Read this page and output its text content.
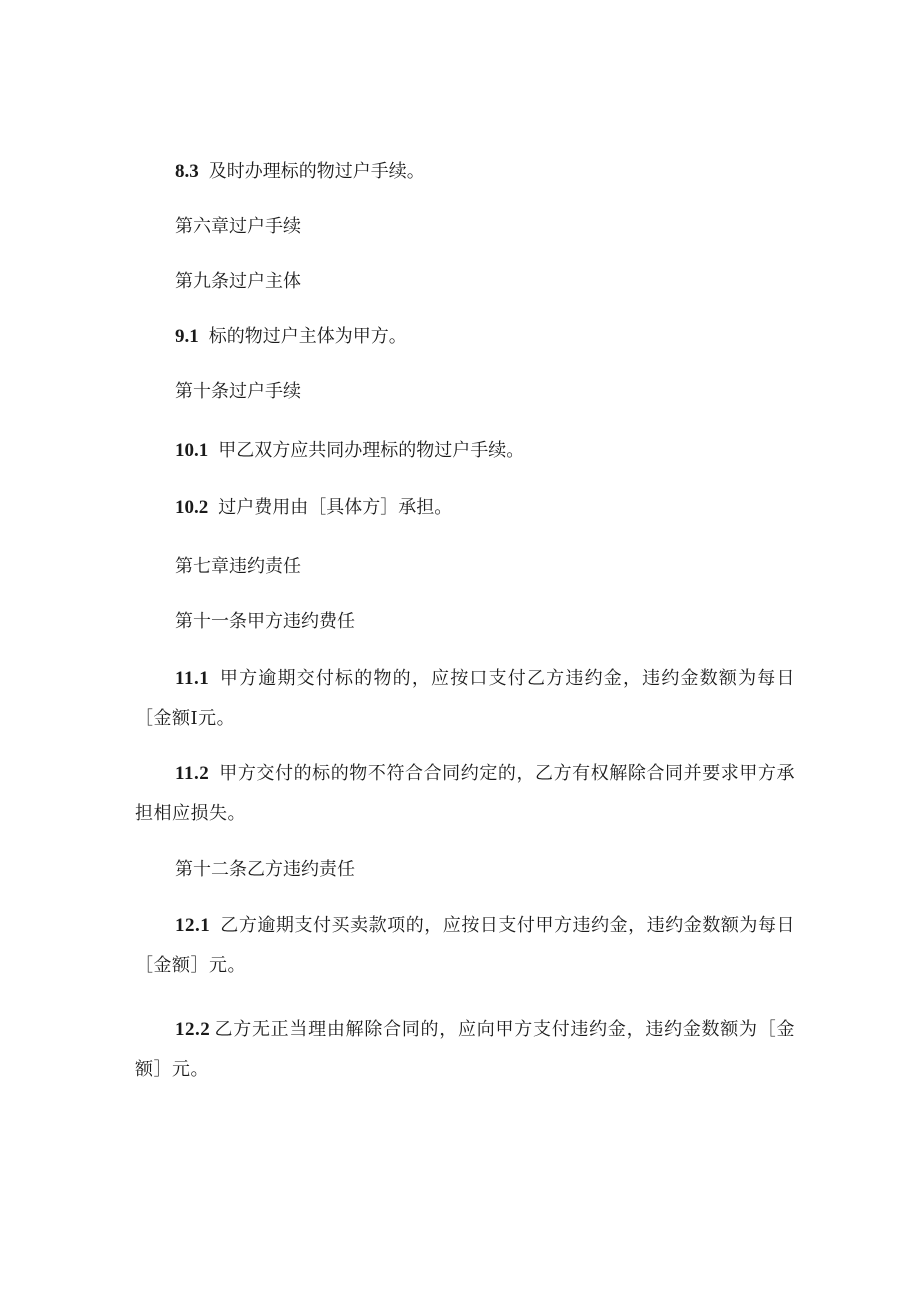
8.3 及时办理标的物过户手续。
第六章过户手续
第九条过户主体
9.1 标的物过户主体为甲方。
第十条过户手续
10.1 甲乙双方应共同办理标的物过户手续。
10.2 过户费用由［具体方］承担。
第七章违约责任
第十一条甲方违约费任
11.1 甲方逾期交付标的物的，应按口支付乙方违约金，违约金数额为每日［金额I元。
11.2 甲方交付的标的物不符合合同约定的，乙方有权解除合同并要求甲方承担相应损失。
第十二条乙方违约责任
12.1 乙方逾期支付买卖款项的，应按日支付甲方违约金，违约金数额为每日［金额］元。
12.2 乙方无正当理由解除合同的，应向甲方支付违约金，违约金数额为［金额］元。
